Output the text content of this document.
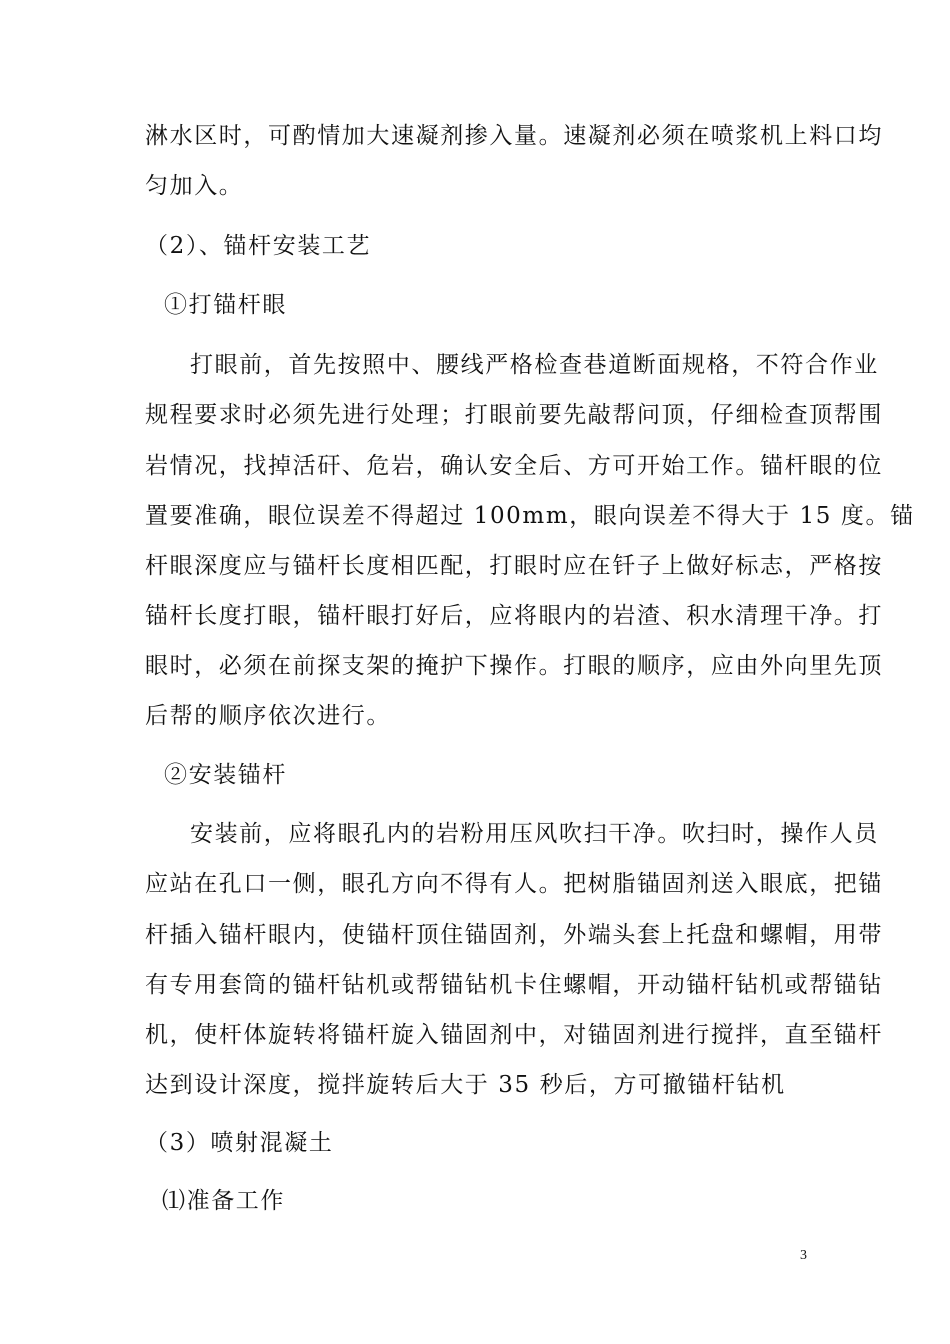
淋水区时，可酌情加大速凝剂掺入量。速凝剂必须在喷浆机上料口均
匀加入。
（2）、锚杆安装工艺
①打锚杆眼
打眼前，首先按照中、腰线严格检查巷道断面规格，不符合作业
规程要求时必须先进行处理；打眼前要先敲帮问顶，仔细检查顶帮围
岩情况，找掉活矸、危岩，确认安全后、方可开始工作。锚杆眼的位
置要准确，眼位误差不得超过 100mm，眼向误差不得大于 15 度。锚
杆眼深度应与锚杆长度相匹配，打眼时应在钎子上做好标志，严格按
锚杆长度打眼，锚杆眼打好后，应将眼内的岩渣、积水清理干净。打
眼时，必须在前探支架的掩护下操作。打眼的顺序，应由外向里先顶
后帮的顺序依次进行。
②安装锚杆
安装前，应将眼孔内的岩粉用压风吹扫干净。吹扫时，操作人员
应站在孔口一侧，眼孔方向不得有人。把树脂锚固剂送入眼底，把锚
杆插入锚杆眼内，使锚杆顶住锚固剂，外端头套上托盘和螺帽，用带
有专用套筒的锚杆钻机或帮锚钻机卡住螺帽，开动锚杆钻机或帮锚钻
机，使杆体旋转将锚杆旋入锚固剂中，对锚固剂进行搅拌，直至锚杆
达到设计深度，搅拌旋转后大于 35 秒后，方可撤锚杆钻机
（3）喷射混凝土
⑴准备工作
3
